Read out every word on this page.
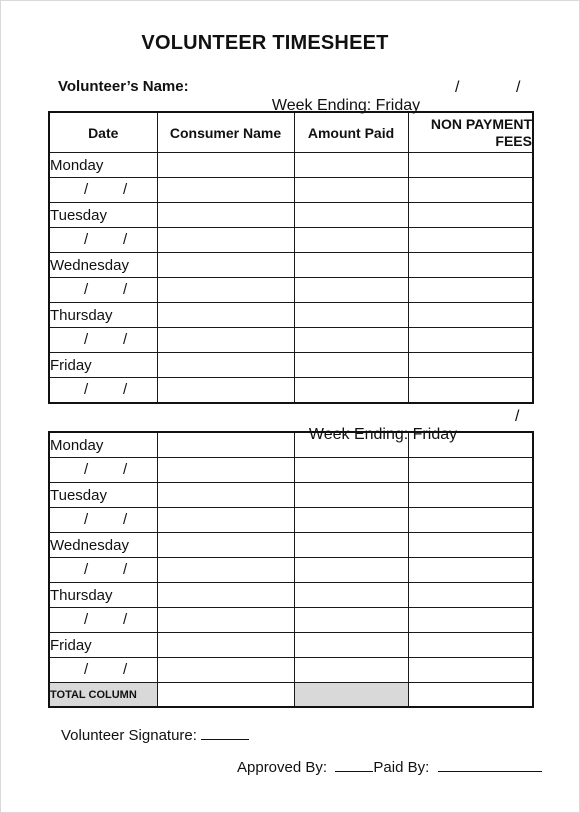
VOLUNTEER TIMESHEET
Volunteer’s Name:

Week Ending: Friday

/

	/

Date	Consumer Name	Amount Paid	NON PAYMENT
FEES
Monday			

/ /			

Tuesday			

/ /			

Wednesday			

/ /			

Thursday			

/ /			

Friday			

/ /			

Week Ending: Friday

/

Monday			

/ /			

Tuesday			

/ /			

Wednesday			

/ /			

Thursday			

/ /			

Friday			

/ /			

TOTAL COLUMN			
Volunteer Signature:
Approved By:	Paid By:
